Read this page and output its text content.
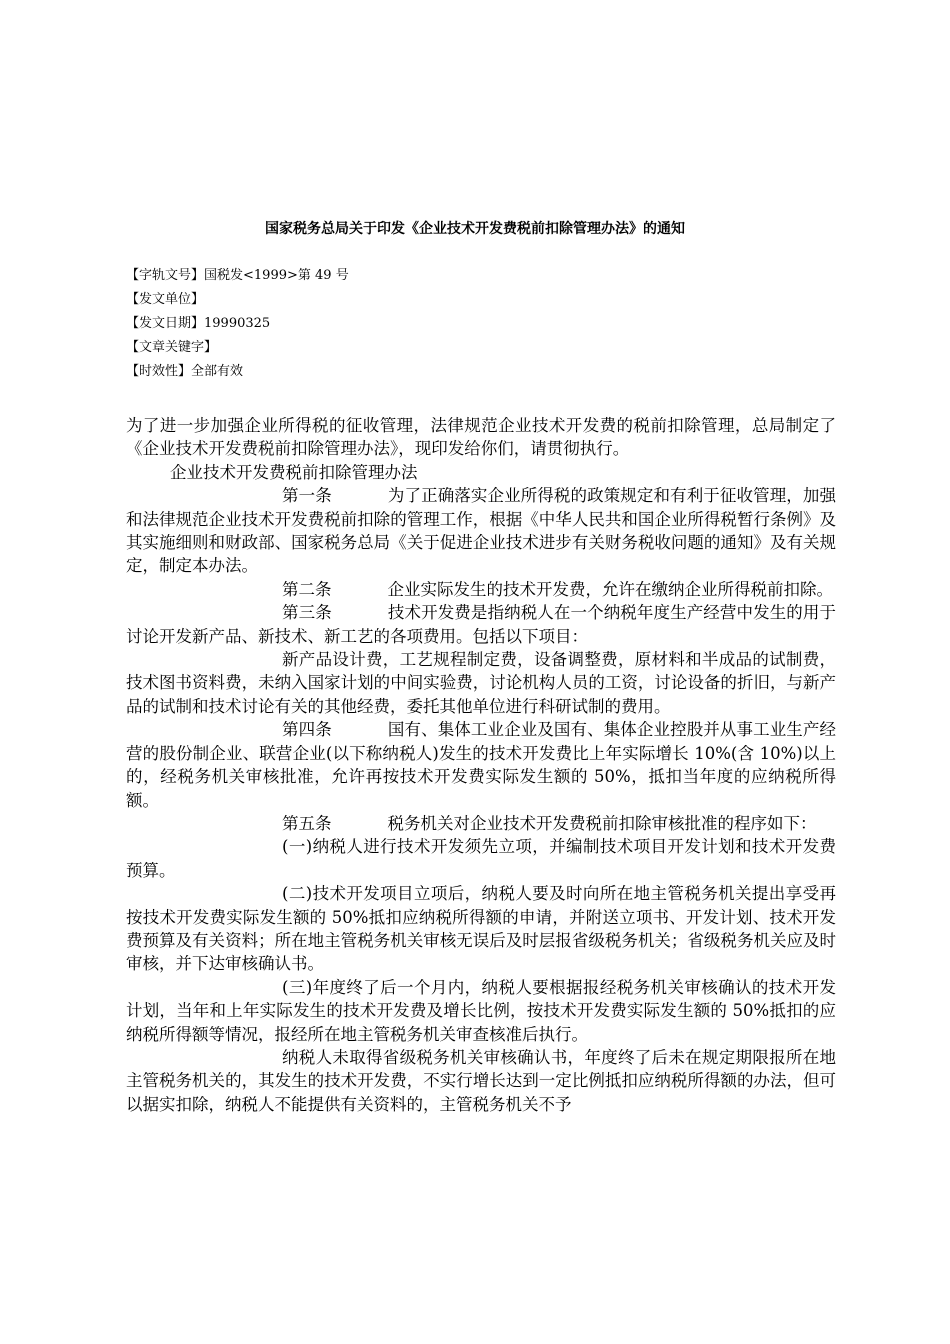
国家税务总局关于印发《企业技术开发费税前扣除管理办法》的通知
【字轨文号】国税发<1999>第 49 号
【发文单位】
【发文日期】19990325
【文章关键字】
【时效性】全部有效

为了进一步加强企业所得税的征收管理，法律规范企业技术开发费的税前扣除管理，总局制定了《企业技术开发费税前扣除管理办法》，现印发给你们，请贯彻执行。

企业技术开发费税前扣除管理办法

第一条	为了正确落实企业所得税的政策规定和有利于征收管理，加强和法律规范企业技术开发费税前扣除的管理工作，根据《中华人民共和国企业所得税暂行条例》及其实施细则和财政部、国家税务总局《关于促进企业技术进步有关财务税收问题的通知》及有关规定，制定本办法。

第二条	企业实际发生的技术开发费，允许在缴纳企业所得税前扣除。

第三条	技术开发费是指纳税人在一个纳税年度生产经营中发生的用于讨论开发新产品、新技术、新工艺的各项费用。包括以下项目：

新产品设计费，工艺规程制定费，设备调整费，原材料和半成品的试制费，技术图书资料费，未纳入国家计划的中间实验费，讨论机构人员的工资，讨论设备的折旧，与新产品的试制和技术讨论有关的其他经费，委托其他单位进行科研试制的费用。

第四条	国有、集体工业企业及国有、集体企业控股并从事工业生产经营的股份制企业、联营企业(以下称纳税人)发生的技术开发费比上年实际增长 10%(含 10%)以上的，经税务机关审核批准，允许再按技术开发费实际发生额的 50%，抵扣当年度的应纳税所得额。

第五条	税务机关对企业技术开发费税前扣除审核批准的程序如下：

(一)纳税人进行技术开发须先立项，并编制技术项目开发计划和技术开发费预算。

(二)技术开发项目立项后，纳税人要及时向所在地主管税务机关提出享受再按技术开发费实际发生额的 50%抵扣应纳税所得额的申请，并附送立项书、开发计划、技术开发费预算及有关资料；所在地主管税务机关审核无误后及时层报省级税务机关；省级税务机关应及时审核，并下达审核确认书。

(三)年度终了后一个月内，纳税人要根据报经税务机关审核确认的技术开发计划，当年和上年实际发生的技术开发费及增长比例，按技术开发费实际发生额的 50%抵扣的应纳税所得额等情况，报经所在地主管税务机关审查核准后执行。

纳税人未取得省级税务机关审核确认书，年度终了后未在规定期限报所在地主管税务机关的，其发生的技术开发费，不实行增长达到一定比例抵扣应纳税所得额的办法，但可以据实扣除，纳税人不能提供有关资料的，主管税务机关不予
